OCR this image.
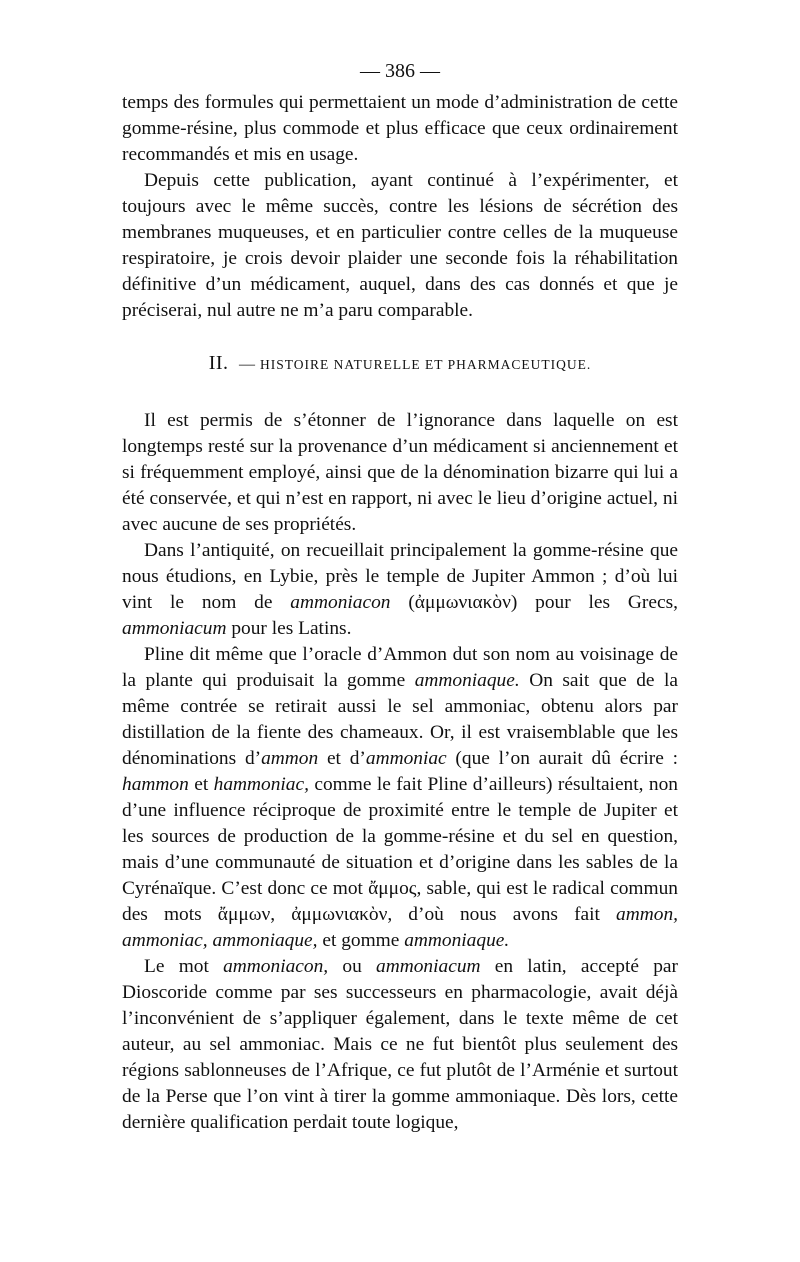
— 386 —

temps des formules qui permettaient un mode d’administration de cette gomme-résine, plus commode et plus efficace que ceux ordinairement recommandés et mis en usage.

Depuis cette publication, ayant continué à l’expérimenter, et toujours avec le même succès, contre les lésions de sécrétion des membranes muqueuses, et en particulier contre celles de la muqueuse respiratoire, je crois devoir plaider une seconde fois la réhabilitation définitive d’un médicament, auquel, dans des cas donnés et que je préciserai, nul autre ne m’a paru comparable.

II. — HISTOIRE NATURELLE ET PHARMACEUTIQUE.

Il est permis de s’étonner de l’ignorance dans laquelle on est longtemps resté sur la provenance d’un médicament si anciennement et si fréquemment employé, ainsi que de la dénomination bizarre qui lui a été conservée, et qui n’est en rapport, ni avec le lieu d’origine actuel, ni avec aucune de ses propriétés.

Dans l’antiquité, on recueillait principalement la gomme-résine que nous étudions, en Lybie, près le temple de Jupiter Ammon ; d’où lui vint le nom de ammoniacon (ἀμμωνιακὸν) pour les Grecs, ammoniacum pour les Latins.

Pline dit même que l’oracle d’Ammon dut son nom au voisinage de la plante qui produisait la gomme ammoniaque. On sait que de la même contrée se retirait aussi le sel ammoniac, obtenu alors par distillation de la fiente des chameaux. Or, il est vraisemblable que les dénominations d’ammon et d’ammoniac (que l’on aurait dû écrire : hammon et hammoniac, comme le fait Pline d’ailleurs) résultaient, non d’une influence réciproque de proximité entre le temple de Jupiter et les sources de production de la gomme-résine et du sel en question, mais d’une communauté de situation et d’origine dans les sables de la Cyrénaïque. C’est donc ce mot ἄμμος, sable, qui est le radical commun des mots ἄμμων, ἀμμωνιακὸν, d’où nous avons fait ammon, ammoniac, ammoniaque, et gomme ammoniaque.

Le mot ammoniacon, ou ammoniacum en latin, accepté par Dioscoride comme par ses successeurs en pharmacologie, avait déjà l’inconvénient de s’appliquer également, dans le texte même de cet auteur, au sel ammoniac. Mais ce ne fut bientôt plus seulement des régions sablonneuses de l’Afrique, ce fut plutôt de l’Arménie et surtout de la Perse que l’on vint à tirer la gomme ammoniaque. Dès lors, cette dernière qualification perdait toute logique,
